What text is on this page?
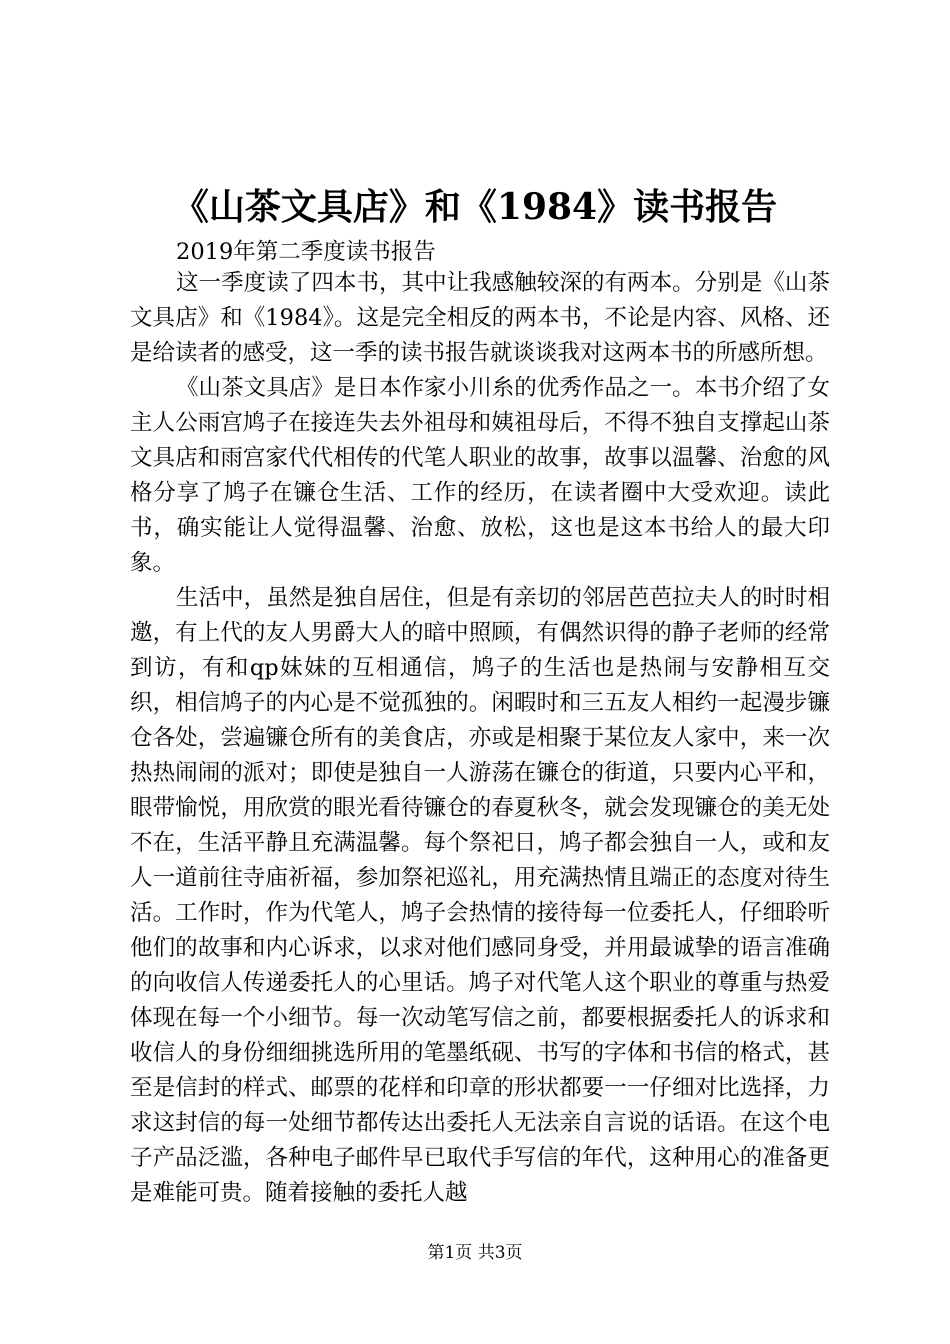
《山茶文具店》和《1984》读书报告

2019年第二季度读书报告

这一季度读了四本书，其中让我感触较深的有两本。分别是《山茶文具店》和《1984》。这是完全相反的两本书，不论是内容、风格、还是给读者的感受，这一季的读书报告就谈谈我对这两本书的所感所想。

《山茶文具店》是日本作家小川糸的优秀作品之一。本书介绍了女主人公雨宫鸠子在接连失去外祖母和姨祖母后，不得不独自支撑起山茶文具店和雨宫家代代相传的代笔人职业的故事，故事以温馨、治愈的风格分享了鸠子在镰仓生活、工作的经历，在读者圈中大受欢迎。读此书，确实能让人觉得温馨、治愈、放松，这也是这本书给人的最大印象。

生活中，虽然是独自居住，但是有亲切的邻居芭芭拉夫人的时时相邀，有上代的友人男爵大人的暗中照顾，有偶然识得的静子老师的经常到访，有和qp妹妹的互相通信，鸠子的生活也是热闹与安静相互交织，相信鸠子的内心是不觉孤独的。闲暇时和三五友人相约一起漫步镰仓各处，尝遍镰仓所有的美食店，亦或是相聚于某位友人家中，来一次热热闹闹的派对；即使是独自一人游荡在镰仓的街道，只要内心平和，眼带愉悦，用欣赏的眼光看待镰仓的春夏秋冬，就会发现镰仓的美无处不在，生活平静且充满温馨。每个祭祀日，鸠子都会独自一人，或和友人一道前往寺庙祈福，参加祭祀巡礼，用充满热情且端正的态度对待生活。工作时，作为代笔人，鸠子会热情的接待每一位委托人，仔细聆听他们的故事和内心诉求，以求对他们感同身受，并用最诚挚的语言准确的向收信人传递委托人的心里话。鸠子对代笔人这个职业的尊重与热爱体现在每一个小细节。每一次动笔写信之前，都要根据委托人的诉求和收信人的身份细细挑选所用的笔墨纸砚、书写的字体和书信的格式，甚至是信封的样式、邮票的花样和印章的形状都要一一仔细对比选择，力求这封信的每一处细节都传达出委托人无法亲自言说的话语。在这个电子产品泛滥，各种电子邮件早已取代手写信的年代，这种用心的准备更是难能可贵。随着接触的委托人越

第1页 共3页
